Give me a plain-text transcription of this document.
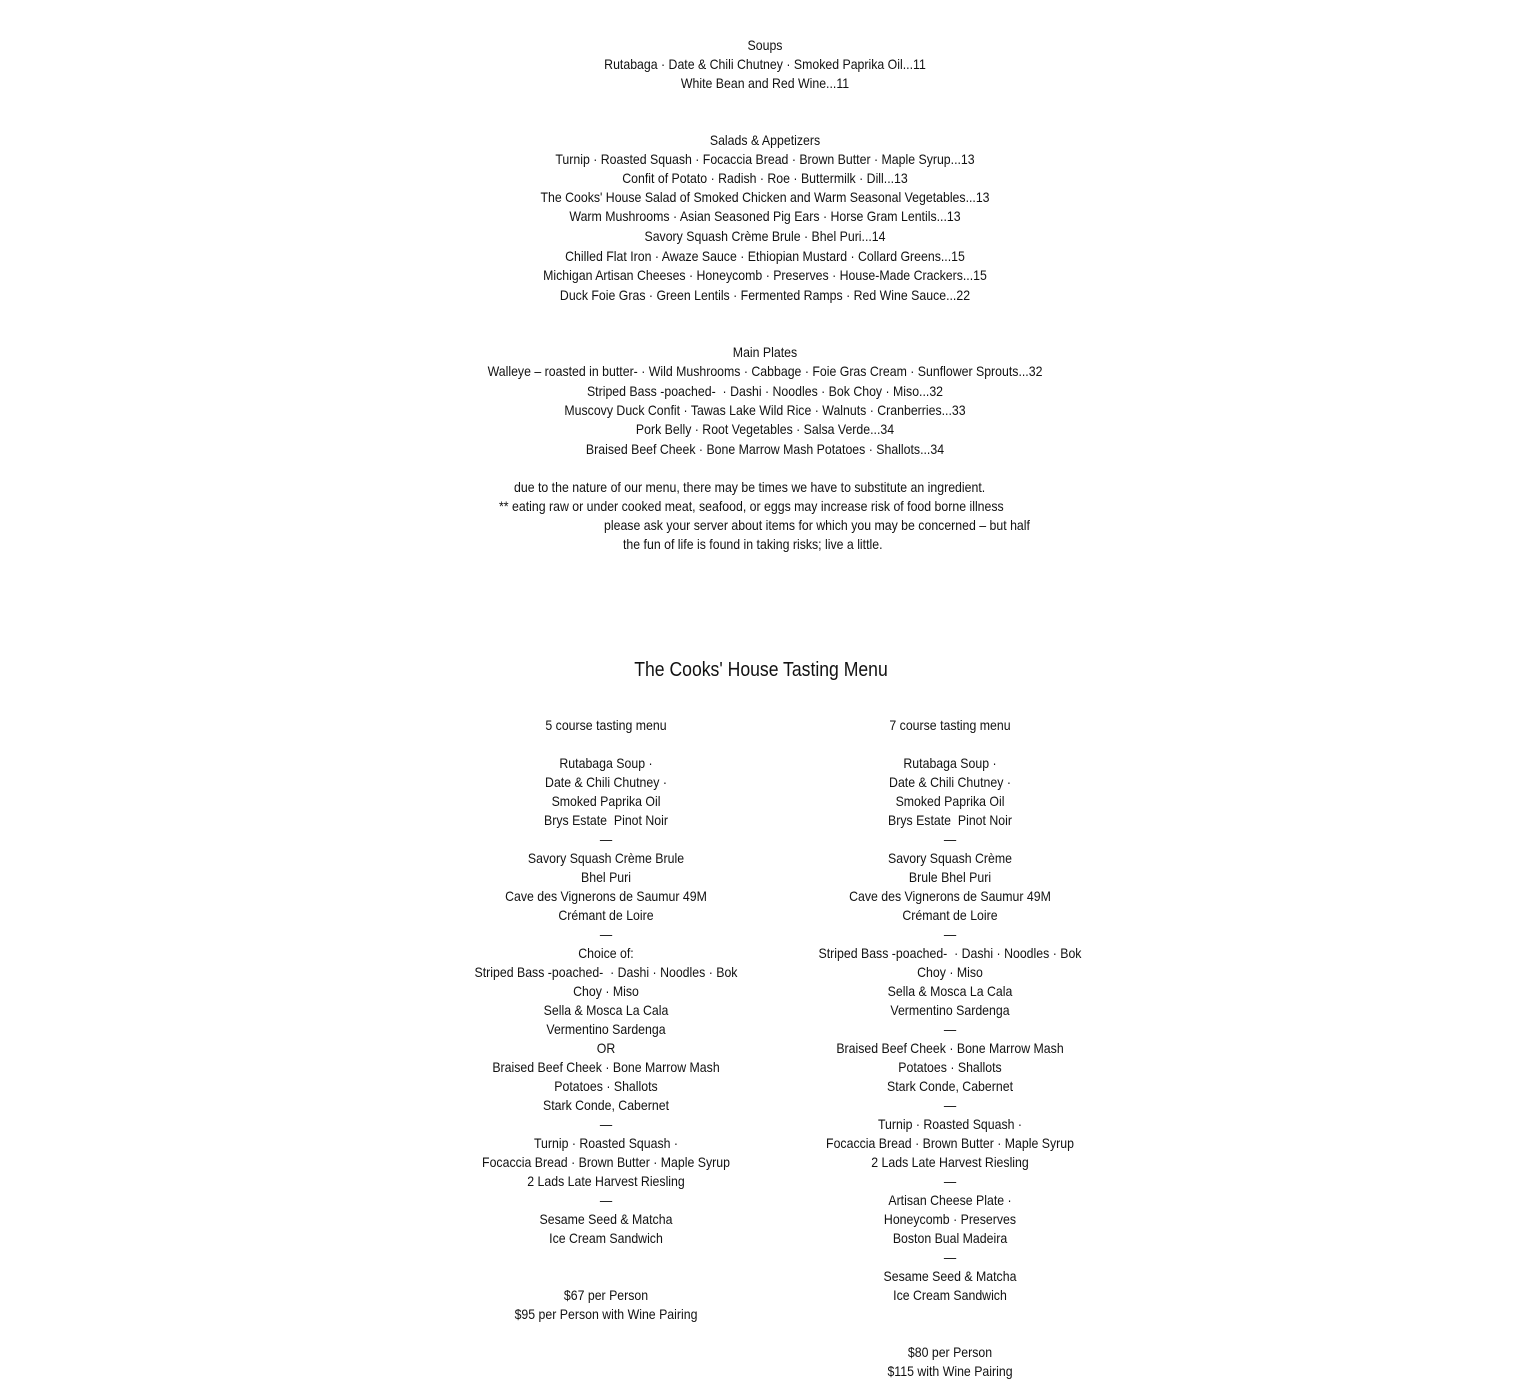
Soups
Rutabaga · Date & Chili Chutney · Smoked Paprika Oil...11
White Bean and Red Wine...11
Salads & Appetizers
Turnip · Roasted Squash · Focaccia Bread · Brown Butter · Maple Syrup...13
Confit of Potato · Radish · Roe · Buttermilk · Dill...13
The Cooks' House Salad of Smoked Chicken and Warm Seasonal Vegetables...13
Warm Mushrooms · Asian Seasoned Pig Ears · Horse Gram Lentils...13
Savory Squash Crème Brule · Bhel Puri...14
Chilled Flat Iron · Awaze Sauce · Ethiopian Mustard · Collard Greens...15
Michigan Artisan Cheeses · Honeycomb · Preserves · House-Made Crackers...15
Duck Foie Gras · Green Lentils · Fermented Ramps · Red Wine Sauce...22
Main Plates
Walleye – roasted in butter- · Wild Mushrooms · Cabbage · Foie Gras Cream · Sunflower Sprouts...32
Striped Bass -poached-  · Dashi · Noodles · Bok Choy · Miso...32
Muscovy Duck Confit · Tawas Lake Wild Rice · Walnuts · Cranberries...33
Pork Belly · Root Vegetables · Salsa Verde...34
Braised Beef Cheek · Bone Marrow Mash Potatoes · Shallots...34
due to the nature of our menu, there may be times we have to substitute an ingredient.
** eating raw or under cooked meat, seafood, or eggs may increase risk of food borne illness
please ask your server about items for which you may be concerned – but half
the fun of life is found in taking risks; live a little.
The Cooks' House Tasting Menu
5 course tasting menu
Rutabaga Soup ·
Date & Chili Chutney ·
Smoked Paprika Oil
Brys Estate  Pinot Noir
—
Savory Squash Crème Brule
Bhel Puri
Cave des Vignerons de Saumur 49M
Crémant de Loire
—
Choice of:
Striped Bass -poached-  · Dashi · Noodles · Bok
Choy · Miso
Sella & Mosca La Cala
Vermentino Sardenga
OR
Braised Beef Cheek · Bone Marrow Mash
Potatoes · Shallots
Stark Conde, Cabernet
—
Turnip · Roasted Squash ·
Focaccia Bread · Brown Butter · Maple Syrup
2 Lads Late Harvest Riesling
—
Sesame Seed & Matcha
Ice Cream Sandwich
$67 per Person
$95 per Person with Wine Pairing
7 course tasting menu
Rutabaga Soup ·
Date & Chili Chutney ·
Smoked Paprika Oil
Brys Estate  Pinot Noir
—
Savory Squash Crème
Brule Bhel Puri
Cave des Vignerons de Saumur 49M
Crémant de Loire
—
Striped Bass -poached-  · Dashi · Noodles · Bok
Choy · Miso
Sella & Mosca La Cala
Vermentino Sardenga
—
Braised Beef Cheek · Bone Marrow Mash
Potatoes · Shallots
Stark Conde, Cabernet
—
Turnip · Roasted Squash ·
Focaccia Bread · Brown Butter · Maple Syrup
2 Lads Late Harvest Riesling
—
Artisan Cheese Plate ·
Honeycomb · Preserves
Boston Bual Madeira
—
Sesame Seed & Matcha
Ice Cream Sandwich
$80 per Person
$115 with Wine Pairing
